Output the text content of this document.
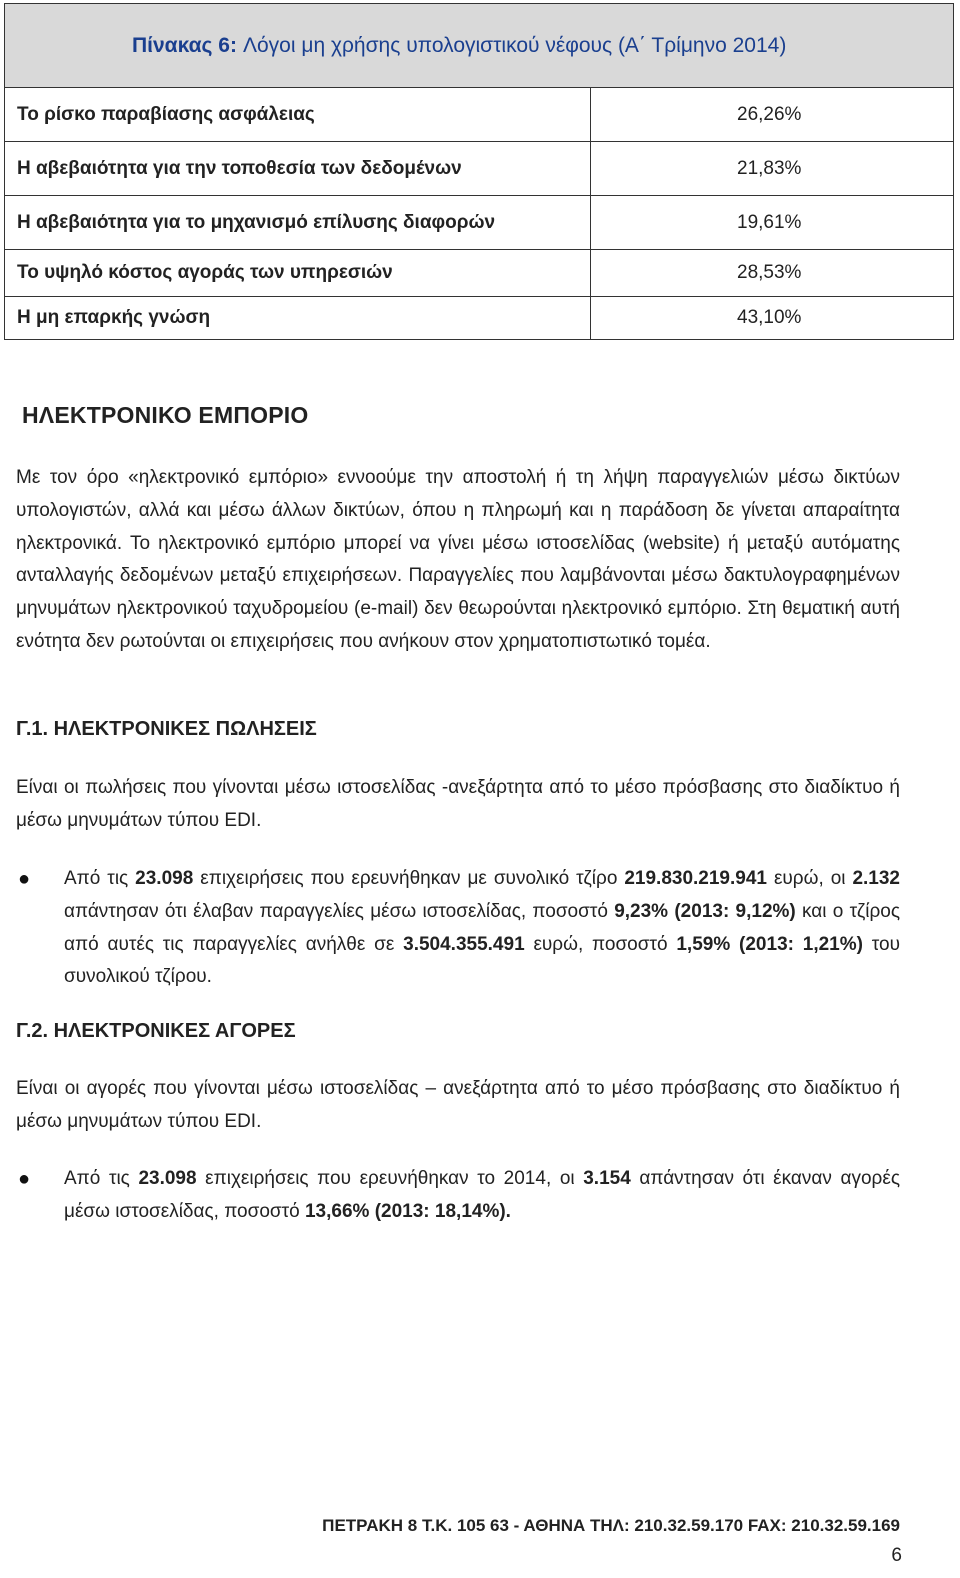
Πίνακας 6: Λόγοι μη χρήσης υπολογιστικού νέφους (Α΄ Τρίμηνο 2014)
Το ρίσκο παραβίασης ασφάλειας	26,26%
Η αβεβαιότητα για την τοποθεσία των δεδομένων	21,83%
Η αβεβαιότητα για το μηχανισμό επίλυσης διαφορών	19,61%
Το υψηλό κόστος αγοράς των υπηρεσιών	28,53%
Η μη επαρκής γνώση	43,10%
ΗΛΕΚΤΡΟΝΙΚΟ ΕΜΠΟΡΙΟ
Με τον όρο «ηλεκτρονικό εμπόριο» εννοούμε την αποστολή ή τη λήψη παραγγελιών μέσω δικτύων υπολογιστών, αλλά και μέσω άλλων δικτύων, όπου η πληρωμή και η παράδοση δε γίνεται απαραίτητα ηλεκτρονικά. Το ηλεκτρονικό εμπόριο μπορεί να γίνει μέσω ιστοσελίδας (website) ή μεταξύ αυτόματης ανταλλαγής δεδομένων μεταξύ επιχειρήσεων. Παραγγελίες που λαμβάνονται μέσω δακτυλογραφημένων μηνυμάτων ηλεκτρονικού ταχυδρομείου (e-mail) δεν θεωρούνται ηλεκτρονικό εμπόριο. Στη θεματική αυτή ενότητα δεν ρωτούνται οι επιχειρήσεις που ανήκουν στον χρηματοπιστωτικό τομέα.
Γ.1. ΗΛΕΚΤΡΟΝΙΚΕΣ ΠΩΛΗΣΕΙΣ
Είναι οι πωλήσεις που γίνονται μέσω ιστοσελίδας -ανεξάρτητα από το μέσο πρόσβασης στο διαδίκτυο ή μέσω μηνυμάτων τύπου EDI.
●	Από τις 23.098 επιχειρήσεις που ερευνήθηκαν με συνολικό τζίρο 219.830.219.941 ευρώ, οι 2.132 απάντησαν ότι έλαβαν παραγγελίες μέσω ιστοσελίδας, ποσοστό 9,23% (2013: 9,12%) και ο τζίρος από αυτές τις παραγγελίες ανήλθε σε 3.504.355.491 ευρώ, ποσοστό 1,59% (2013: 1,21%) του συνολικού τζίρου.
Γ.2. ΗΛΕΚΤΡΟΝΙΚΕΣ ΑΓΟΡΕΣ
Είναι οι αγορές που γίνονται μέσω ιστοσελίδας – ανεξάρτητα από το μέσο πρόσβασης στο διαδίκτυο ή μέσω μηνυμάτων τύπου EDI.
●	Από τις 23.098 επιχειρήσεις που ερευνήθηκαν το 2014, οι 3.154 απάντησαν ότι έκαναν αγορές μέσω ιστοσελίδας, ποσοστό 13,66% (2013: 18,14%).
ΠΕΤΡΑΚΗ 8 Τ.Κ. 105 63 - ΑΘΗΝΑ ΤΗΛ: 210.32.59.170 FAX: 210.32.59.169
6
